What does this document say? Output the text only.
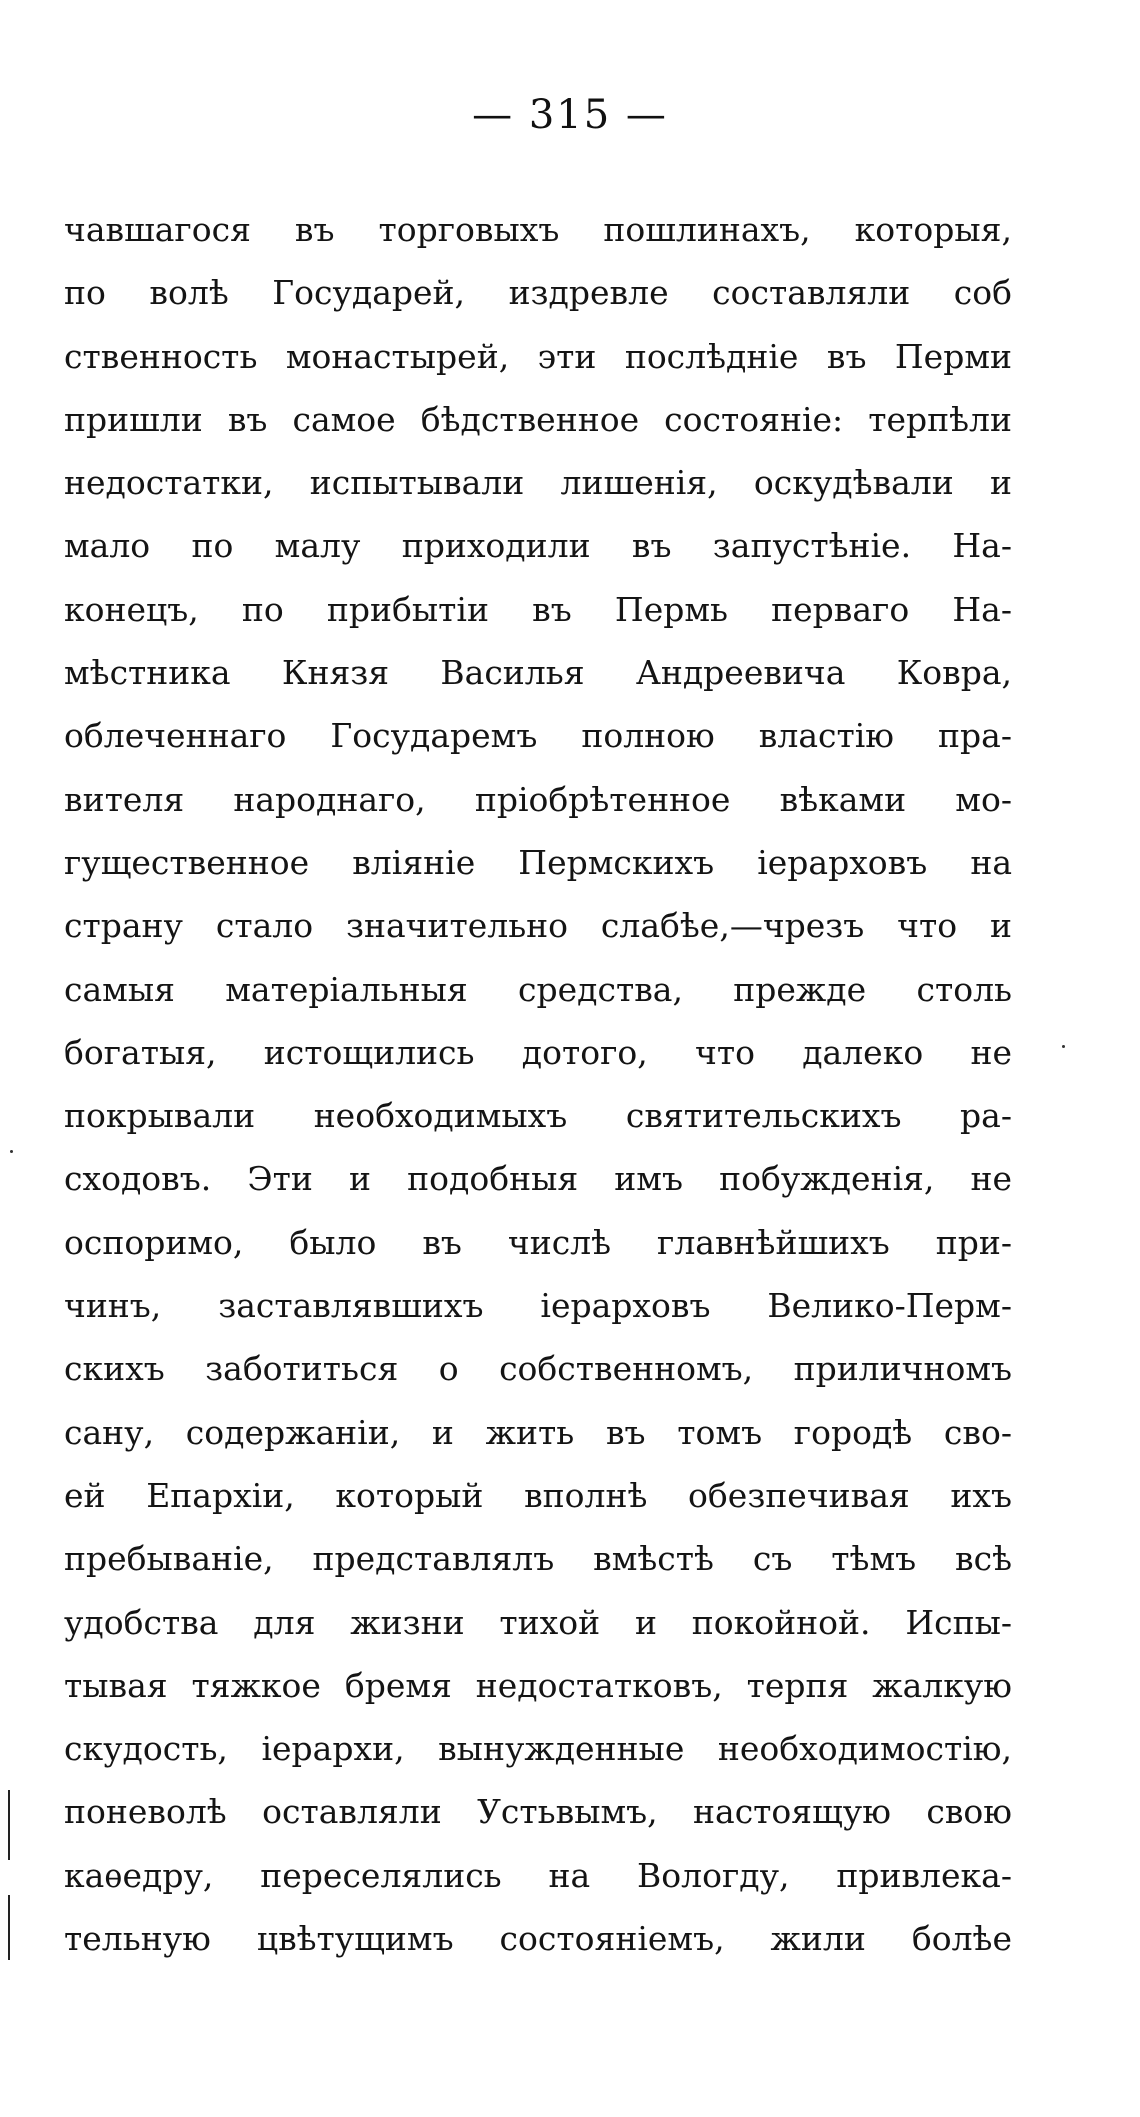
— 315 —
чавшагося въ торговыхъ пошлинахъ, которыя,
по волѣ Государей, издревле составляли соб
ственность монастырей, эти послѣдніе въ Перми
пришли въ самое бѣдственное состояніе: терпѣли
недостатки, испытывали лишенія, оскудѣвали и
мало по малу приходили въ запустѣніе. На-
конецъ, по прибытіи въ Пермь перваго На-
мѣстника Князя Василья Андреевича Ковра,
облеченнаго Государемъ полною властію пра-
вителя народнаго, пріобрѣтенное вѣками мо-
гущественное вліяніе Пермскихъ іерарховъ на
страну стало значительно слабѣе,—чрезъ что и
самыя матеріальныя средства, прежде столь
богатыя, истощились дотого, что далеко не
покрывали необходимыхъ святительскихъ ра-
сходовъ. Эти и подобныя имъ побужденія, не
оспоримо, было въ числѣ главнѣйшихъ при-
чинъ, заставлявшихъ іерарховъ Велико-Перм-
скихъ заботиться о собственномъ, приличномъ
сану, содержаніи, и жить въ томъ городѣ сво-
ей Епархіи, который вполнѣ обезпечивая ихъ
пребываніе, представлялъ вмѣстѣ съ тѣмъ всѣ
удобства для жизни тихой и покойной. Испы-
тывая тяжкое бремя недостатковъ, терпя жалкую
скудость, іерархи, вынужденные необходимостію,
поневолѣ оставляли Устьвымъ, настоящую свою
каѳедру, переселялись на Вологду, привлека-
тельную цвѣтущимъ состояніемъ, жили болѣе
